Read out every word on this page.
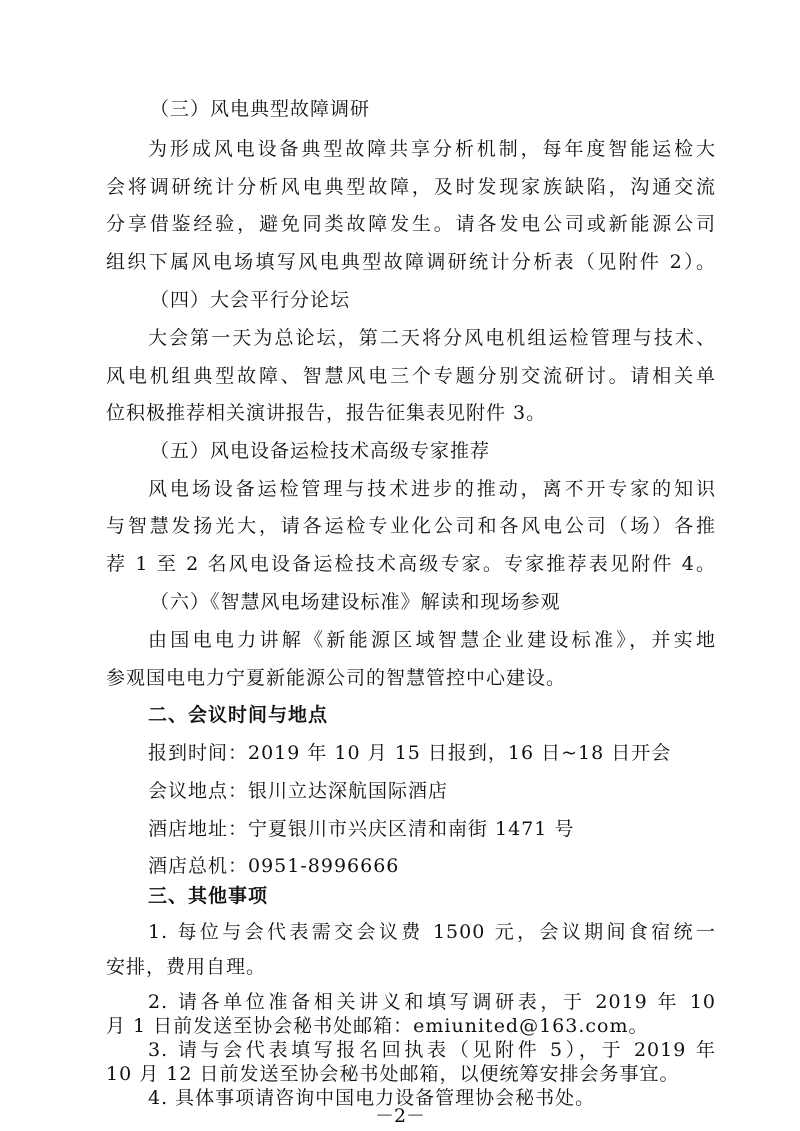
（三）风电典型故障调研
为形成风电设备典型故障共享分析机制，每年度智能运检大
会将调研统计分析风电典型故障，及时发现家族缺陷，沟通交流
分享借鉴经验，避免同类故障发生。请各发电公司或新能源公司
组织下属风电场填写风电典型故障调研统计分析表（见附件 2）。
（四）大会平行分论坛
大会第一天为总论坛，第二天将分风电机组运检管理与技术、
风电机组典型故障、智慧风电三个专题分别交流研讨。请相关单
位积极推荐相关演讲报告，报告征集表见附件 3。
（五）风电设备运检技术高级专家推荐
风电场设备运检管理与技术进步的推动，离不开专家的知识
与智慧发扬光大，请各运检专业化公司和各风电公司（场）各推
荐 1 至 2 名风电设备运检技术高级专家。专家推荐表见附件 4。
（六）《智慧风电场建设标准》解读和现场参观
由国电电力讲解《新能源区域智慧企业建设标准》，并实地
参观国电电力宁夏新能源公司的智慧管控中心建设。
二、会议时间与地点
报到时间：2019 年 10 月 15 日报到，16 日~18 日开会
会议地点：银川立达深航国际酒店
酒店地址：宁夏银川市兴庆区清和南街 1471 号
酒店总机：0951-8996666
三、其他事项
1. 每位与会代表需交会议费 1500 元，会议期间食宿统一
安排，费用自理。
2. 请各单位准备相关讲义和填写调研表，于 2019 年 10
月 1 日前发送至协会秘书处邮箱：emiunited@163.com。
3. 请与会代表填写报名回执表（见附件 5），于 2019 年
10 月 12 日前发送至协会秘书处邮箱，以便统筹安排会务事宜。
4. 具体事项请咨询中国电力设备管理协会秘书处。
－2－
